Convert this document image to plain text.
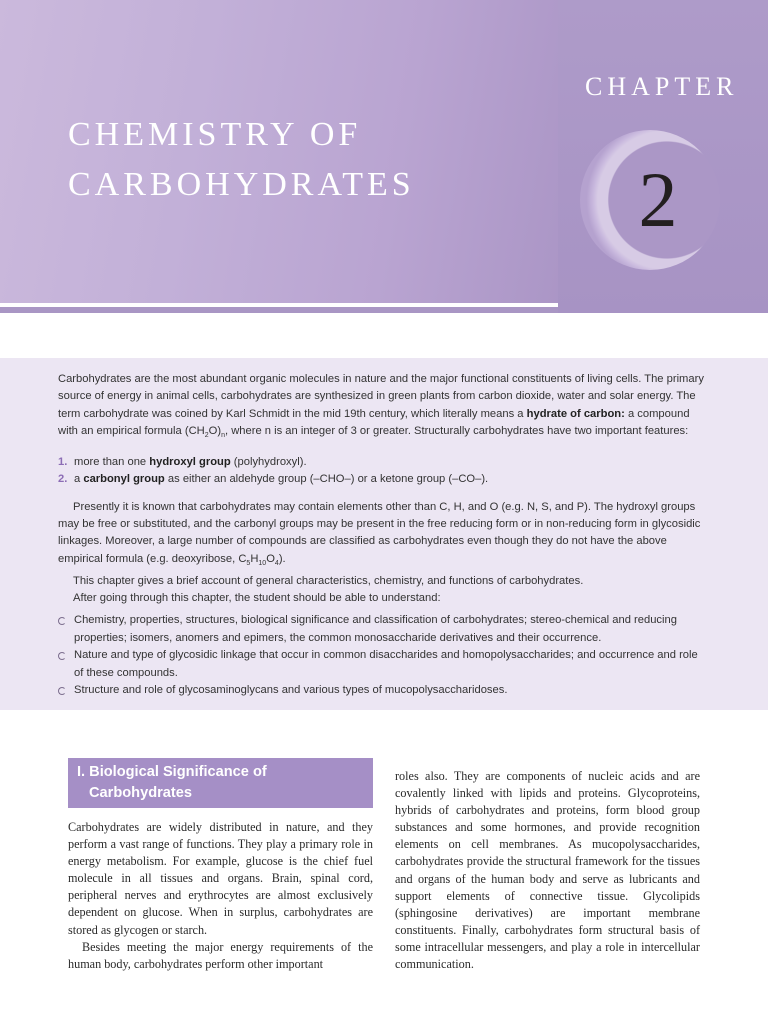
CHEMISTRY OF
CARBOHYDRATES
CHAPTER
2

Carbohydrates are the most abundant organic molecules in nature and the major functional constituents of living cells. The primary source of energy in animal cells, carbohydrates are synthesized in green plants from carbon dioxide, water and solar energy. The term carbohydrate was coined by Karl Schmidt in the mid 19th century, which literally means a hydrate of carbon: a compound with an empirical formula $(CH_2O)_n$, where n is an integer of 3 or greater. Structurally carbohydrates have two important features:

1. more than one hydroxyl group (polyhydroxyl).
2. a carbonyl group as either an aldehyde group (–CHO–) or a ketone group (–CO–).

Presently it is known that carbohydrates may contain elements other than C, H, and O (e.g. N, S, and P). The hydroxyl groups may be free or substituted, and the carbonyl groups may be present in the free reducing form or in non-reducing form in glycosidic linkages. Moreover, a large number of compounds are classified as carbohydrates even though they do not have the above empirical formula (e.g. deoxyribose, $C_5H_{10}O_4$).

This chapter gives a brief account of general characteristics, chemistry, and functions of carbohydrates.

After going through this chapter, the student should be able to understand:

Chemistry, properties, structures, biological significance and classification of carbohydrates; stereo-chemical and reducing properties; isomers, anomers and epimers, the common monosaccharide derivatives and their occurrence.
Nature and type of glycosidic linkage that occur in common disaccharides and homopolysaccharides; and occurrence and role of these compounds.
Structure and role of glycosaminoglycans and various types of mucopolysaccharidoses.
I. Biological Significance of
Carbohydrates

Carbohydrates are widely distributed in nature, and they perform a vast range of functions. They play a primary role in energy metabolism. For example, glucose is the chief fuel molecule in all tissues and organs. Brain, spinal cord, peripheral nerves and erythrocytes are almost exclusively dependent on glucose. When in surplus, carbohydrates are stored as glycogen or starch.

Besides meeting the major energy requirements of the human body, carbohydrates perform other important

roles also. They are components of nucleic acids and are covalently linked with lipids and proteins. Glycoproteins, hybrids of carbohydrates and proteins, form blood group substances and some hormones, and provide recognition elements on cell membranes. As mucopolysaccharides, carbohydrates provide the structural framework for the tissues and organs of the human body and serve as lubricants and support elements of connective tissue. Glycolipids (sphingosine derivatives) are important membrane constituents. Finally, carbohydrates form structural basis of some intracellular messengers, and play a role in intercellular communication.
